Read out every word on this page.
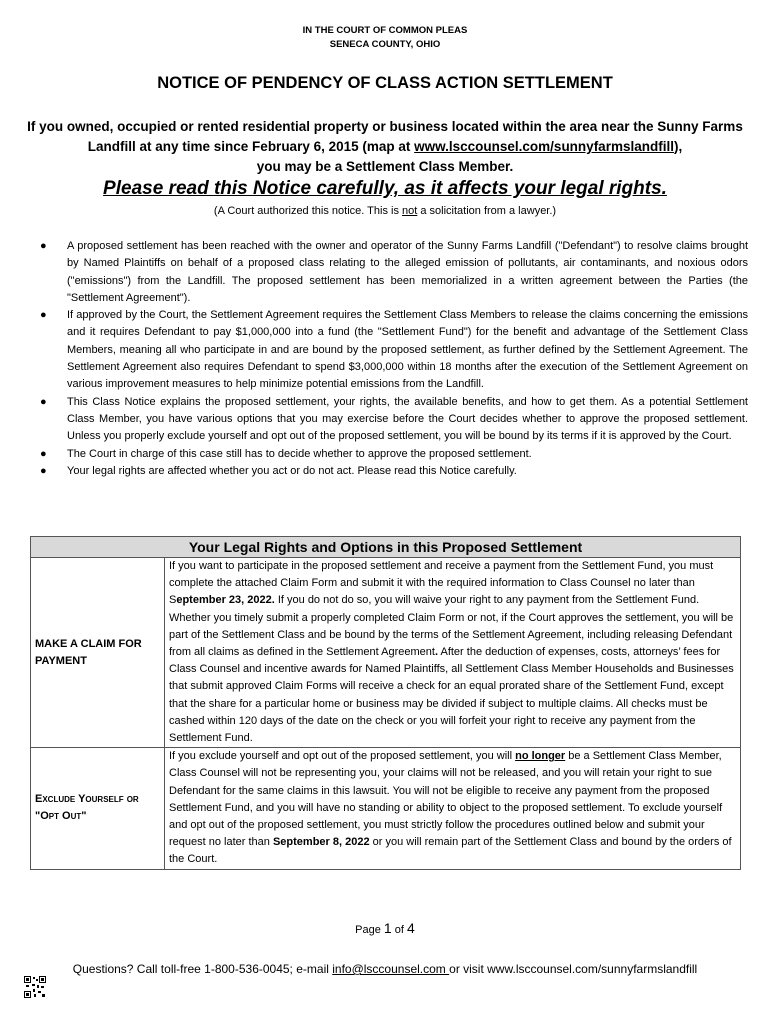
IN THE COURT OF COMMON PLEAS
SENECA COUNTY, OHIO
NOTICE OF PENDENCY OF CLASS ACTION SETTLEMENT
If you owned, occupied or rented residential property or business located within the area near the Sunny Farms Landfill at any time since February 6, 2015 (map at www.lsccounsel.com/sunnyfarmslandfill),
you may be a Settlement Class Member.
Please read this Notice carefully, as it affects your legal rights.
(A Court authorized this notice. This is not a solicitation from a lawyer.)
● A proposed settlement has been reached with the owner and operator of the Sunny Farms Landfill ("Defendant") to resolve claims brought by Named Plaintiffs on behalf of a proposed class relating to the alleged emission of pollutants, air contaminants, and noxious odors ("emissions") from the Landfill. The proposed settlement has been memorialized in a written agreement between the Parties (the "Settlement Agreement").
● If approved by the Court, the Settlement Agreement requires the Settlement Class Members to release the claims concerning the emissions and it requires Defendant to pay $1,000,000 into a fund (the "Settlement Fund") for the benefit and advantage of the Settlement Class Members, meaning all who participate in and are bound by the proposed settlement, as further defined by the Settlement Agreement. The Settlement Agreement also requires Defendant to spend $3,000,000 within 18 months after the execution of the Settlement Agreement on various improvement measures to help minimize potential emissions from the Landfill.
● This Class Notice explains the proposed settlement, your rights, the available benefits, and how to get them. As a potential Settlement Class Member, you have various options that you may exercise before the Court decides whether to approve the proposed settlement. Unless you properly exclude yourself and opt out of the proposed settlement, you will be bound by its terms if it is approved by the Court.
● The Court in charge of this case still has to decide whether to approve the proposed settlement.
● Your legal rights are affected whether you act or do not act. Please read this Notice carefully.
Your Legal Rights and Options in this Proposed Settlement	
MAKE A CLAIM FOR PAYMENT	If you want to participate in the proposed settlement and receive a payment from the Settlement Fund, you must complete the attached Claim Form and submit it with the required information to Class Counsel no later than September 23, 2022. If you do not do so, you will waive your right to any payment from the Settlement Fund. Whether you timely submit a properly completed Claim Form or not, if the Court approves the settlement, you will be part of the Settlement Class and be bound by the terms of the Settlement Agreement, including releasing Defendant from all claims as defined in the Settlement Agreement. After the deduction of expenses, costs, attorneys’ fees for Class Counsel and incentive awards for Named Plaintiffs, all Settlement Class Member Households and Businesses that submit approved Claim Forms will receive a check for an equal prorated share of the Settlement Fund, except that the share for a particular home or business may be divided if subject to multiple claims. All checks must be cashed within 120 days of the date on the check or you will forfeit your right to receive any payment from the Settlement Fund.
Exclude Yourself or
"Opt Out"	If you exclude yourself and opt out of the proposed settlement, you will no longer be a Settlement Class Member, Class Counsel will not be representing you, your claims will not be released, and you will retain your right to sue Defendant for the same claims in this lawsuit. You will not be eligible to receive any payment from the proposed Settlement Fund, and you will have no standing or ability to object to the proposed settlement. To exclude yourself and opt out of the proposed settlement, you must strictly follow the procedures outlined below and submit your request no later than September 8, 2022 or you will remain part of the Settlement Class and bound by the orders of the Court.
Page 1 of 4
Questions? Call toll-free 1-800-536-0045; e-mail info@lsccounsel.com or visit www.lsccounsel.com/sunnyfarmslandfill
